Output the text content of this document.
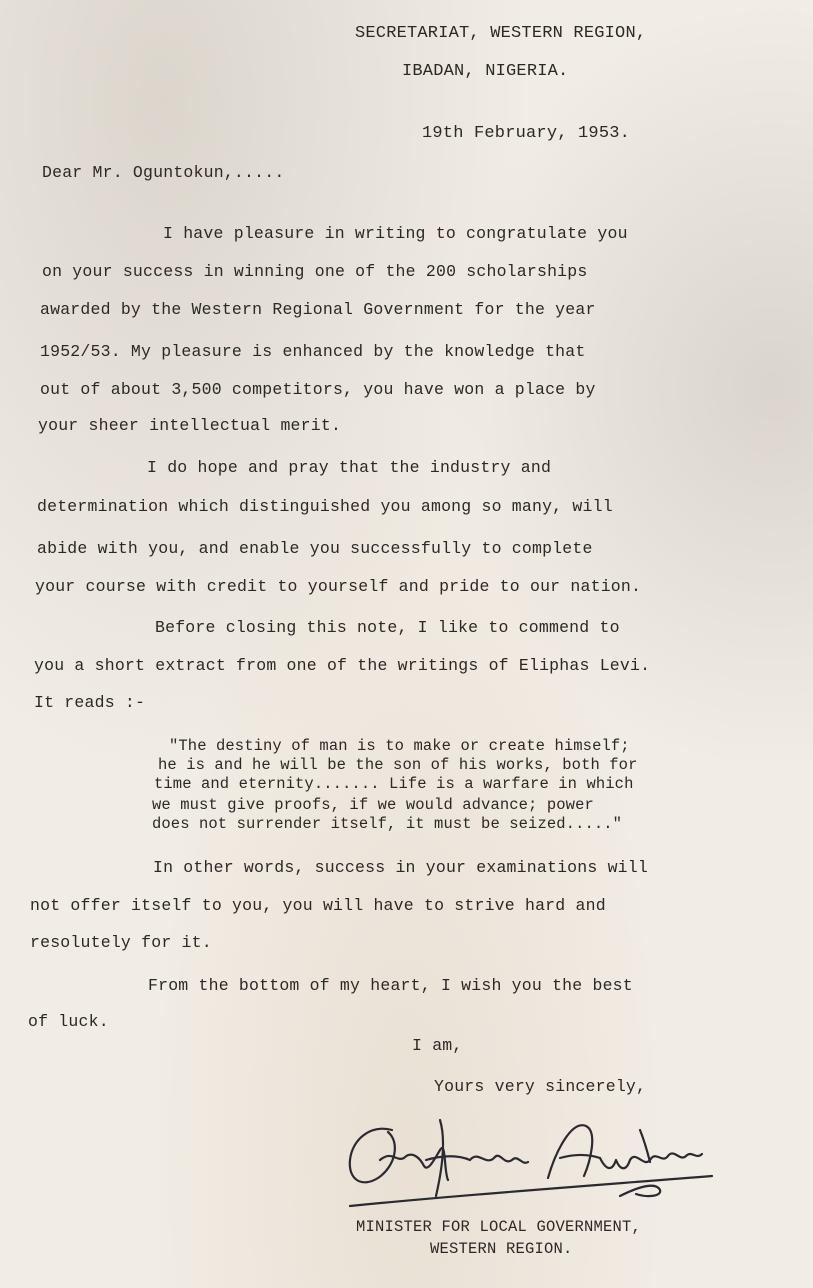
SECRETARIAT, WESTERN REGION,
IBADAN, NIGERIA.
19th February, 1953.
Dear Mr. Oguntokun,.....
I have pleasure in writing to congratulate you
on your success in winning one of the 200 scholarships
awarded by the Western Regional Government for the year
1952/53. My pleasure is enhanced by the knowledge that
out of about 3,500 competitors, you have won a place by
your sheer intellectual merit.
I do hope and pray that the industry and
determination which distinguished you among so many, will
abide with you, and enable you successfully to complete
your course with credit to yourself and pride to our nation.
Before closing this note, I like to commend to
you a short extract from one of the writings of Eliphas Levi.
It reads :-
"The destiny of man is to make or create himself;
he is and he will be the son of his works, both for
time and eternity....... Life is a warfare in which
we must give proofs, if we would advance; power
does not surrender itself, it must be seized....."
In other words, success in your examinations will
not offer itself to you, you will have to strive hard and
resolutely for it.
From the bottom of my heart, I wish you the best
of luck.
I am,
Yours very sincerely,
MINISTER FOR LOCAL GOVERNMENT,
WESTERN REGION.
